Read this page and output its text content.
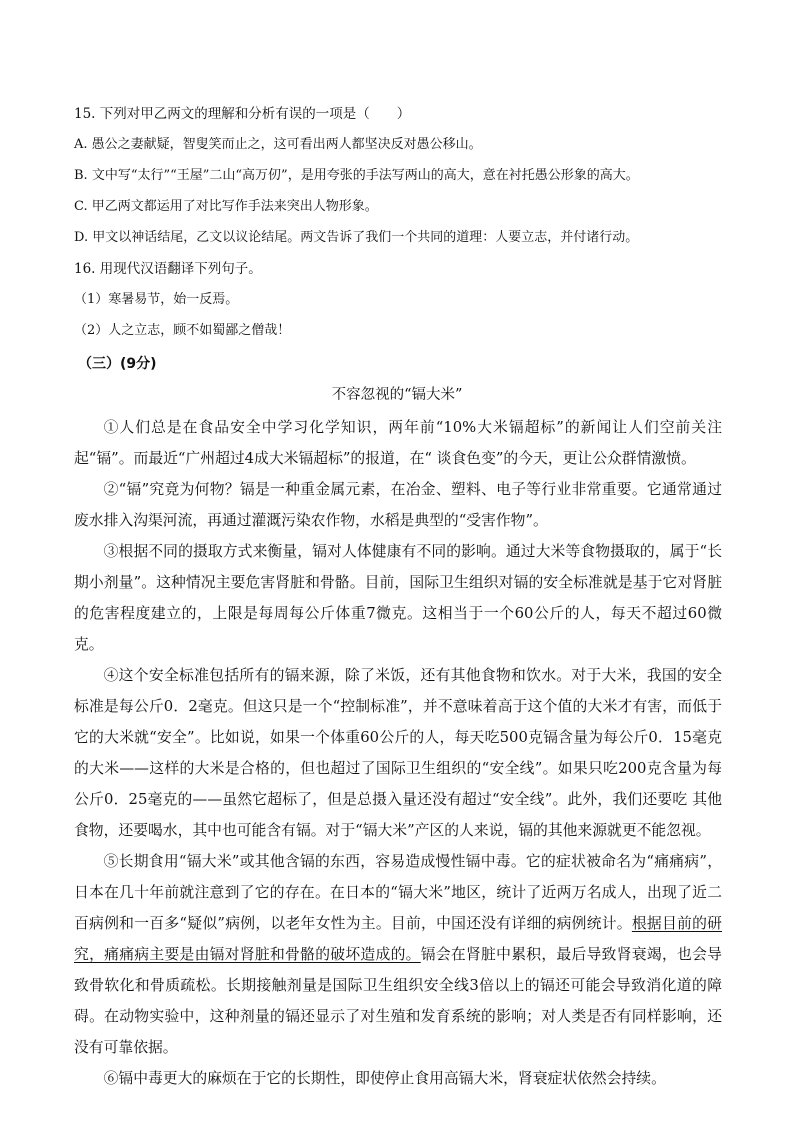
15. 下列对甲乙两文的理解和分析有误的一项是（　　）
A. 愚公之妻献疑，智叟笑而止之，这可看出两人都坚决反对愚公移山。
B. 文中写“太行”“王屋”二山“高万仞”，是用夸张的手法写两山的高大，意在衬托愚公形象的高大。
C. 甲乙两文都运用了对比写作手法来突出人物形象。
D. 甲文以神话结尾，乙文以议论结尾。两文告诉了我们一个共同的道理：人要立志，并付诸行动。
16. 用现代汉语翻译下列句子。
（1）寒暑易节，始一反焉。
（2）人之立志，顾不如蜀鄙之僧哉！
（三）(9分)
不容忽视的“镉大米”

①人们总是在食品安全中学习化学知识，两年前“10%大米镉超标”的新闻让人们空前关注起“镉”。而最近“广州超过4成大米镉超标”的报道，在“ 谈食色变”的今天，更让公众群情激愤。

②“镉”究竟为何物？镉是一种重金属元素，在冶金、塑料、电子等行业非常重要。它通常通过废水排入沟渠河流，再通过灌溉污染农作物，水稻是典型的“受害作物”。

③根据不同的摄取方式来衡量，镉对人体健康有不同的影响。通过大米等食物摄取的，属于“长期小剂量”。这种情况主要危害肾脏和骨骼。目前，国际卫生组织对镉的安全标准就是基于它对肾脏的危害程度建立的，上限是每周每公斤体重7微克。这相当于一个60公斤的人，每天不超过60微克。

④这个安全标准包括所有的镉来源，除了米饭，还有其他食物和饮水。对于大米，我国的安全标准是每公斤0．2毫克。但这只是一个“控制标准”，并不意味着高于这个值的大米才有害，而低于它的大米就“安全”。比如说，如果一个体重60公斤的人，每天吃500克镉含量为每公斤0．15毫克的大米——这样的大米是合格的，但也超过了国际卫生组织的“安全线”。如果只吃200克含量为每公斤0．25毫克的——虽然它超标了，但是总摄入量还没有超过“安全线”。此外，我们还要吃 其他食物，还要喝水，其中也可能含有镉。对于“镉大米”产区的人来说，镉的其他来源就更不能忽视。

⑤长期食用“镉大米”或其他含镉的东西，容易造成慢性镉中毒。它的症状被命名为“痛痛病”，日本在几十年前就注意到了它的存在。在日本的“镉大米”地区，统计了近两万名成人，出现了近二百病例和一百多“疑似”病例，以老年女性为主。目前，中国还没有详细的病例统计。根据目前的研究，痛痛病主要是由镉对肾脏和骨骼的破坏造成的。镉会在肾脏中累积，最后导致肾衰竭，也会导致骨软化和骨质疏松。长期接触剂量是国际卫生组织安全线3倍以上的镉还可能会导致消化道的障碍。在动物实验中，这种剂量的镉还显示了对生殖和发育系统的影响；对人类是否有同样影响，还没有可靠依据。

⑥镉中毒更大的麻烦在于它的长期性，即使停止食用高镉大米，肾衰症状依然会持续。
